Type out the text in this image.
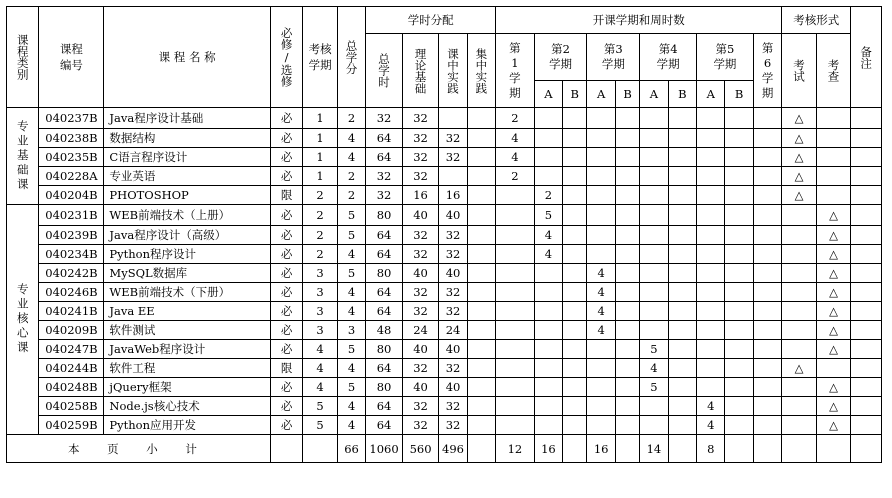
课程类别	课程编号	课 程 名 称	必修/选修	考核学期	总学分	学时分配				开课学期和周时数										考核形式		备注
						总学时	理论基础	课中实践	集中实践	第1学期	第2学期		第3学期		第4学期		第5学期		第6学期	考试	考查	
											A	B	A	B	A	B	A	B				
专业基础课	040237B	Java程序设计基础	必	1	2	32	32			2										△		
	040238B	数据结构	必	1	4	64	32	32		4										△		
	040235B	C语言程序设计	必	1	4	64	32	32		4										△		
	040228A	专业英语	必	1	2	32	32			2										△		
	040204B	PHOTOSHOP	限	2	2	32	16	16			2									△		
专业核心课	040231B	WEB前端技术（上册）	必	2	5	80	40	40			5										△	
	040239B	Java程序设计（高级）	必	2	5	64	32	32			4										△	
	040234B	Python程序设计	必	2	4	64	32	32			4										△	
	040242B	MySQL数据库	必	3	5	80	40	40					4								△	
	040246B	WEB前端技术（下册）	必	3	4	64	32	32					4								△	
	040241B	Java EE	必	3	4	64	32	32					4								△	
	040209B	软件测试	必	3	3	48	24	24					4								△	
	040247B	JavaWeb程序设计	必	4	5	80	40	40							5						△	
	040244B	软件工程	限	4	4	64	32	32							4					△		
	040248B	jQuery框架	必	4	5	80	40	40							5						△	
	040258B	Node.js核心技术	必	5	4	64	32	32									4				△	
	040259B	Python应用开发	必	5	4	64	32	32									4				△	
本 页 小 计					66	1060	560	496		12	16		16		14		8					
